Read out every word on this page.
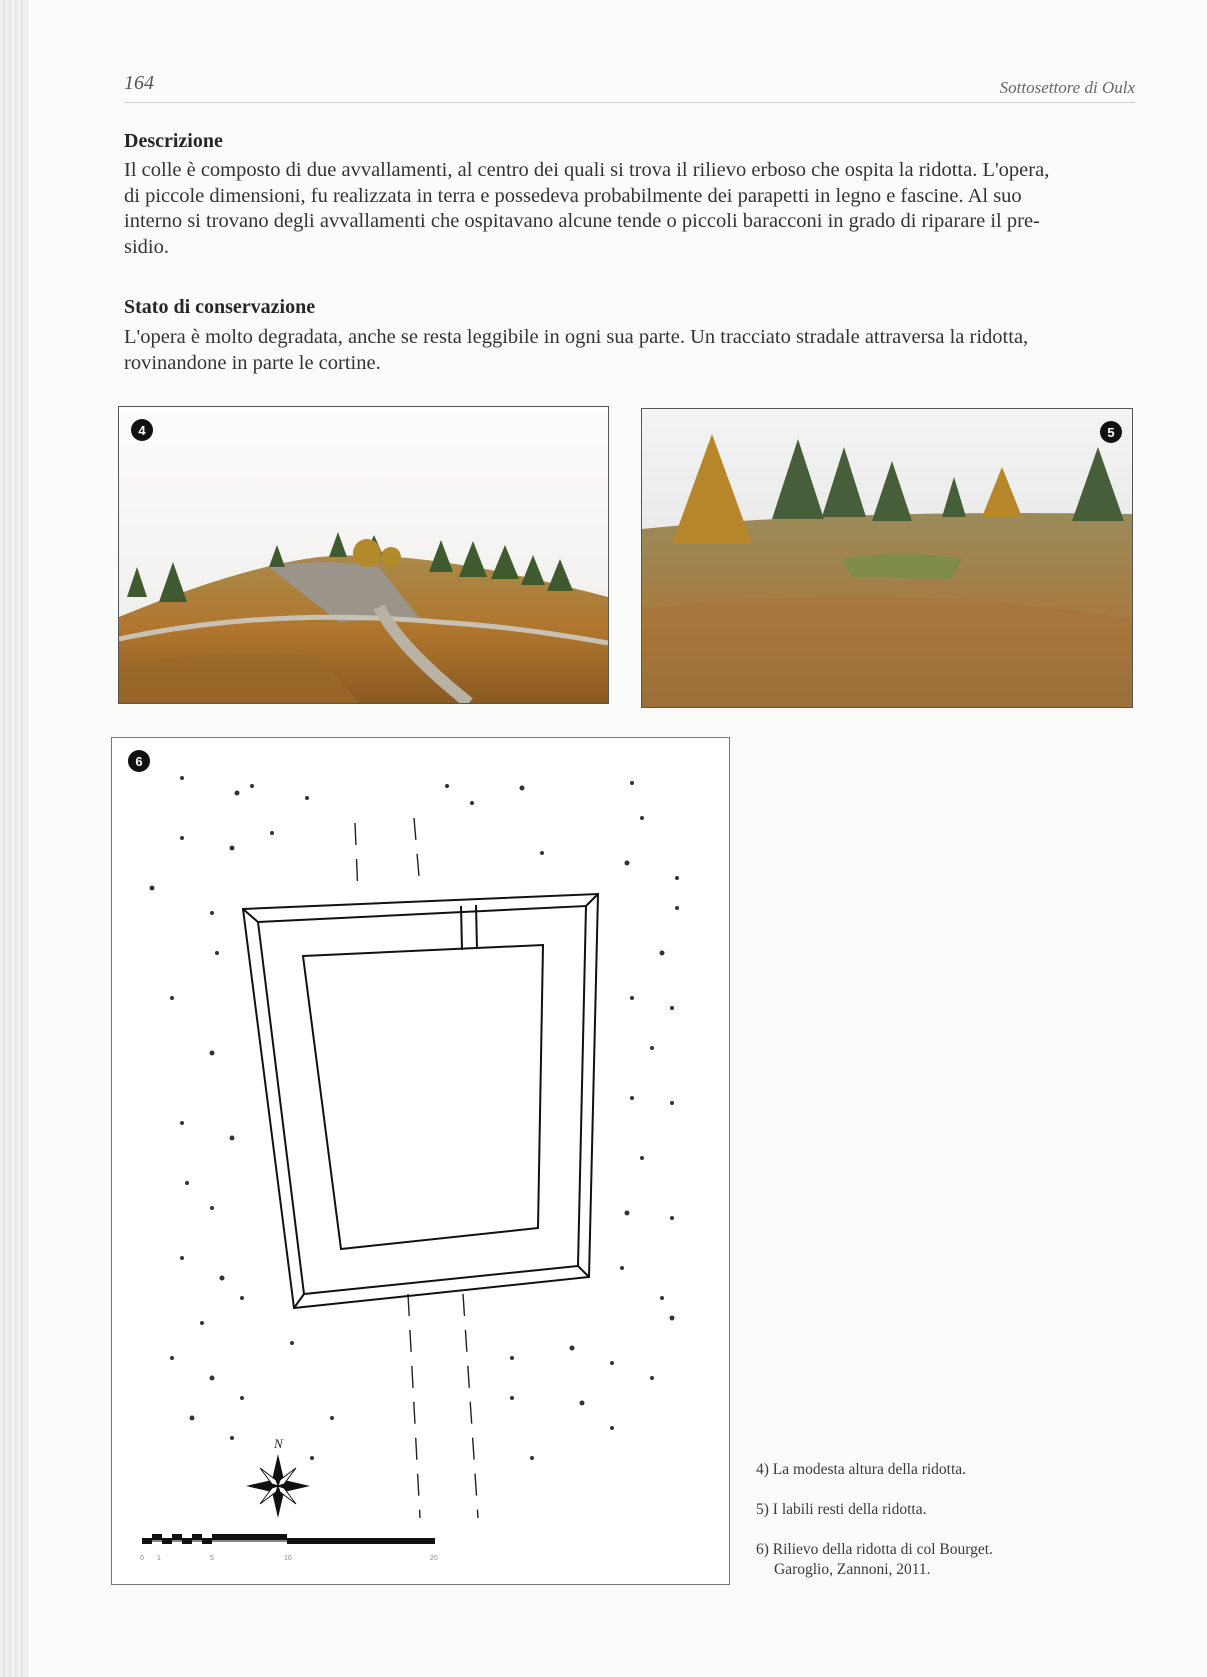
164	Sottosettore di Oulx
Descrizione

Il colle è composto di due avvallamenti, al centro dei quali si trova il rilievo erboso che ospita la ridotta. L'opera,
di piccole dimensioni, fu realizzata in terra e possedeva probabilmente dei parapetti in legno e fascine. Al suo
interno si trovano degli avvallamenti che ospitavano alcune tende o piccoli baracconi in grado di riparare il pre-
sidio.

Stato di conservazione

L'opera è molto degradata, anche se resta leggibile in ogni sua parte. Un tracciato stradale attraversa la ridotta,
rovinandone in parte le cortine.

4	5
N
0 1	5	10	20
6

4) La modesta altura della ridotta.

5) I labili resti della ridotta.

6) Rilievo della ridotta di col Bourget.
Garoglio, Zannoni, 2011.
